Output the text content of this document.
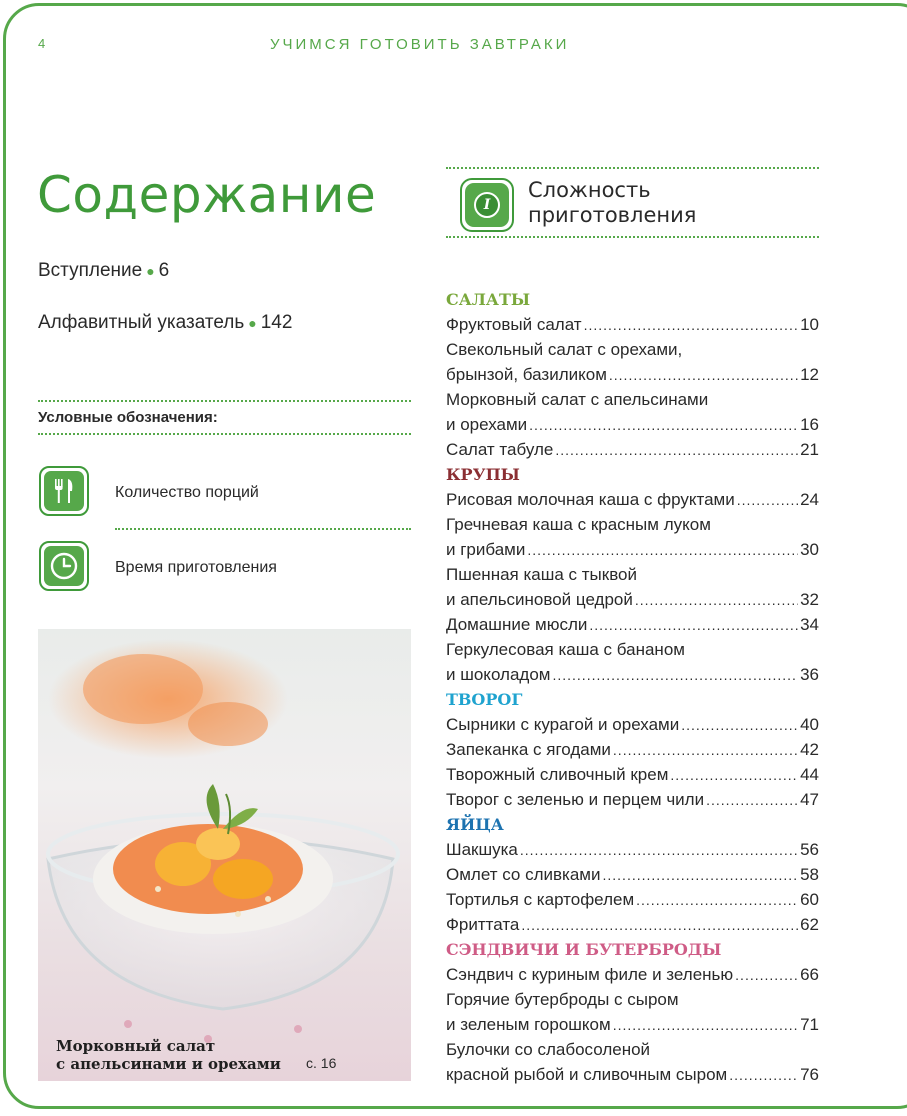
4	УЧИМСЯ ГОТОВИТЬ ЗАВТРАКИ
Содержание
Вступление ● 6
Алфавитный указатель ● 142
Условные обозначения:
Количество порций
Время приготовления
Морковный салат
с апельсинами и орехами с. 16
I
Сложность
приготовления
САЛАТЫ
Фруктовый салат .....	10
Свекольный салат с орехами,
брынзой, базиликом .....	12
Морковный салат с апельсинами
и орехами .....	16
Салат табуле .....	21
КРУПЫ
Рисовая молочная каша с фруктами .....	24
Гречневая каша с красным луком
и грибами .....	30
Пшенная каша с тыквой
и апельсиновой цедрой .....	32
Домашние мюсли .....	34
Геркулесовая каша с бананом
и шоколадом .....	36
ТВОРОГ
Сырники с курагой и орехами .....	40
Запеканка с ягодами .....	42
Творожный сливочный крем .....	44
Творог с зеленью и перцем чили .....	47
ЯЙЦА
Шакшука .....	56
Омлет со сливками .....	58
Тортилья с картофелем .....	60
Фриттата .....	62
СЭНДВИЧИ И БУТЕРБРОДЫ
Сэндвич с куриным филе и зеленью .....	66
Горячие бутерброды с сыром
и зеленым горошком .....	71
Булочки со слабосоленой
красной рыбой и сливочным сыром .....	76
